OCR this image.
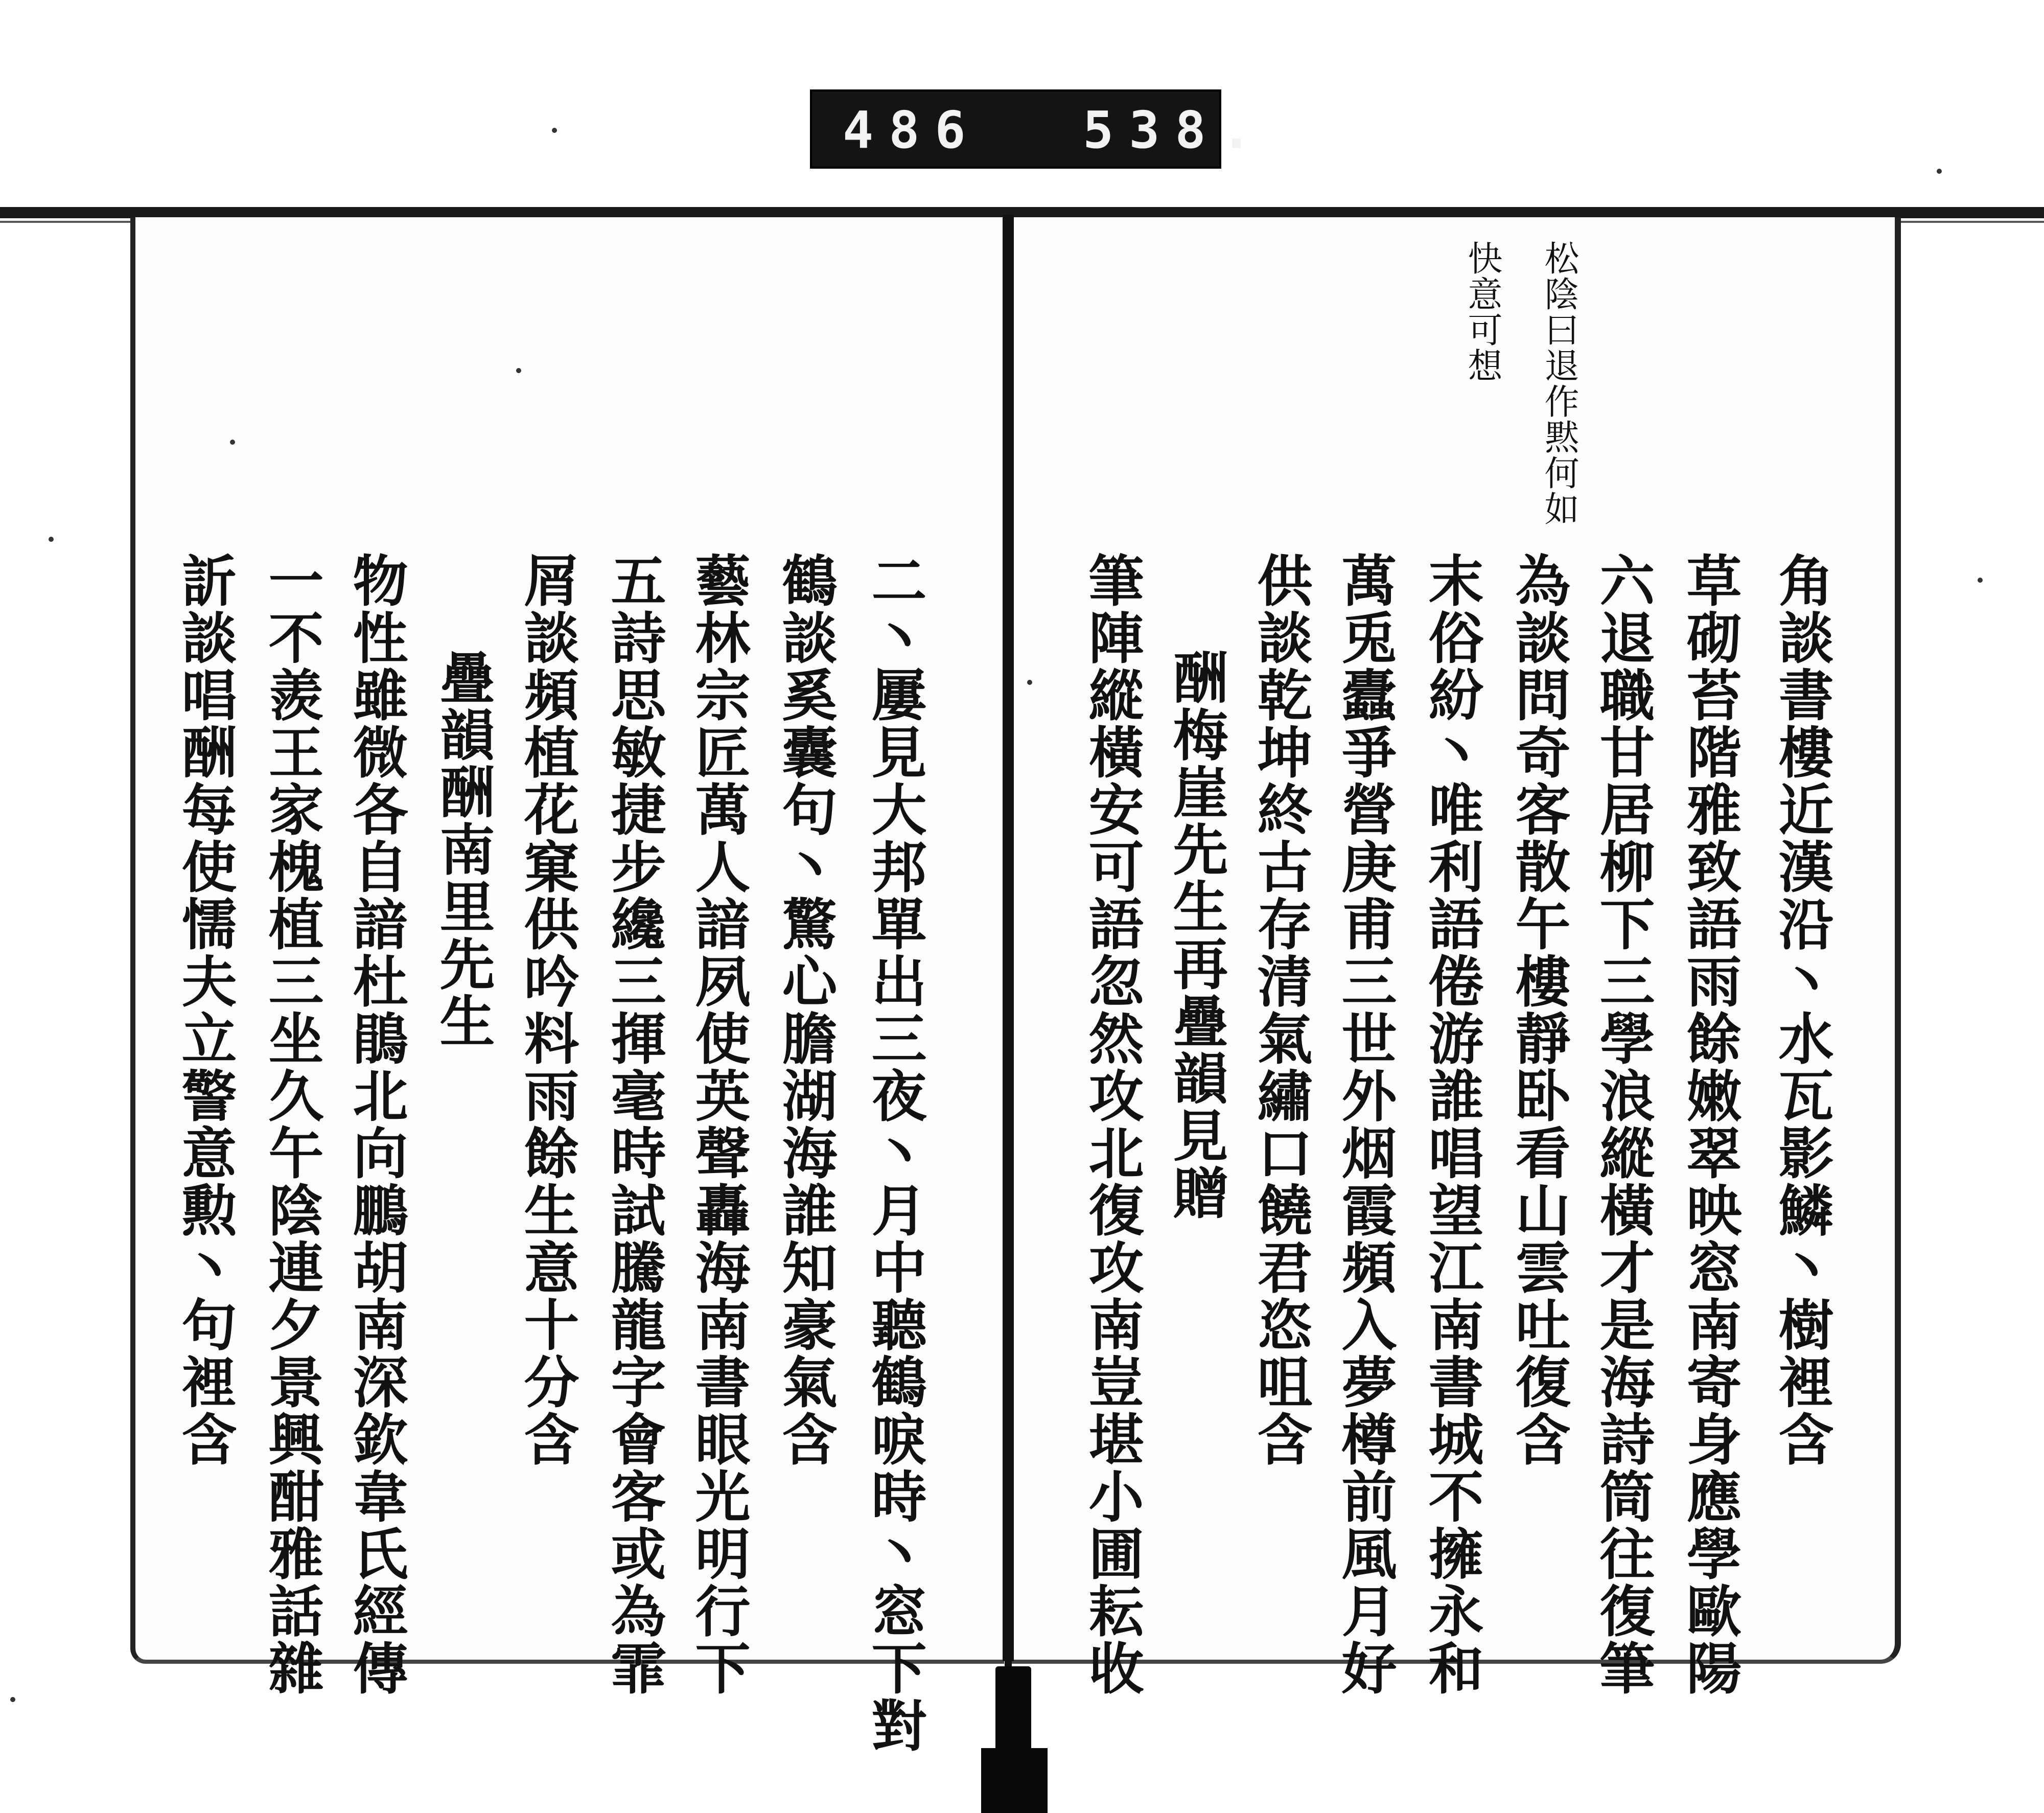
486 538.
松陰曰退作黙何如
快意可想
角談書樓近漢沿丶水瓦影鱗丶樹裡含
草砌苔階雅致語雨餘嫩翠映窓南寄身應學歐陽
六退職甘居柳下三學浪縱橫才是海詩筒往復筆
為談問奇客散午樓靜卧看山雲吐復含
末俗紛丶唯利語倦游誰唱望江南書城不擁永和
萬兎蠹爭營庚甫三世外烟霞頻入夢樽前風月好
供談乾坤終古存清氣繡口饒君恣咀含
酬梅崖先生再疊韻見贈
筆陣縱橫安可語忽然攻北復攻南豈堪小圃耘收
二丶屢見大邦單出三夜丶月中聽鶴唳時丶窓下對
鶴談奚囊句丶驚心膽湖海誰知豪氣含
藝林宗匠萬人諳夙使英聲轟海南書眼光明行下
五詩思敏捷步纔三揮毫時試騰龍字會客或為霏
屑談頻植花窠供吟料雨餘生意十分含
疊韻酬南里先生
物性雖微各自諳杜鵑北向鵬胡南深欽韋氏經傳
一不羨王家槐植三坐久午陰連夕景興酣雅話雜
訢談唱酬每使懦夫立警意勲丶句裡含
